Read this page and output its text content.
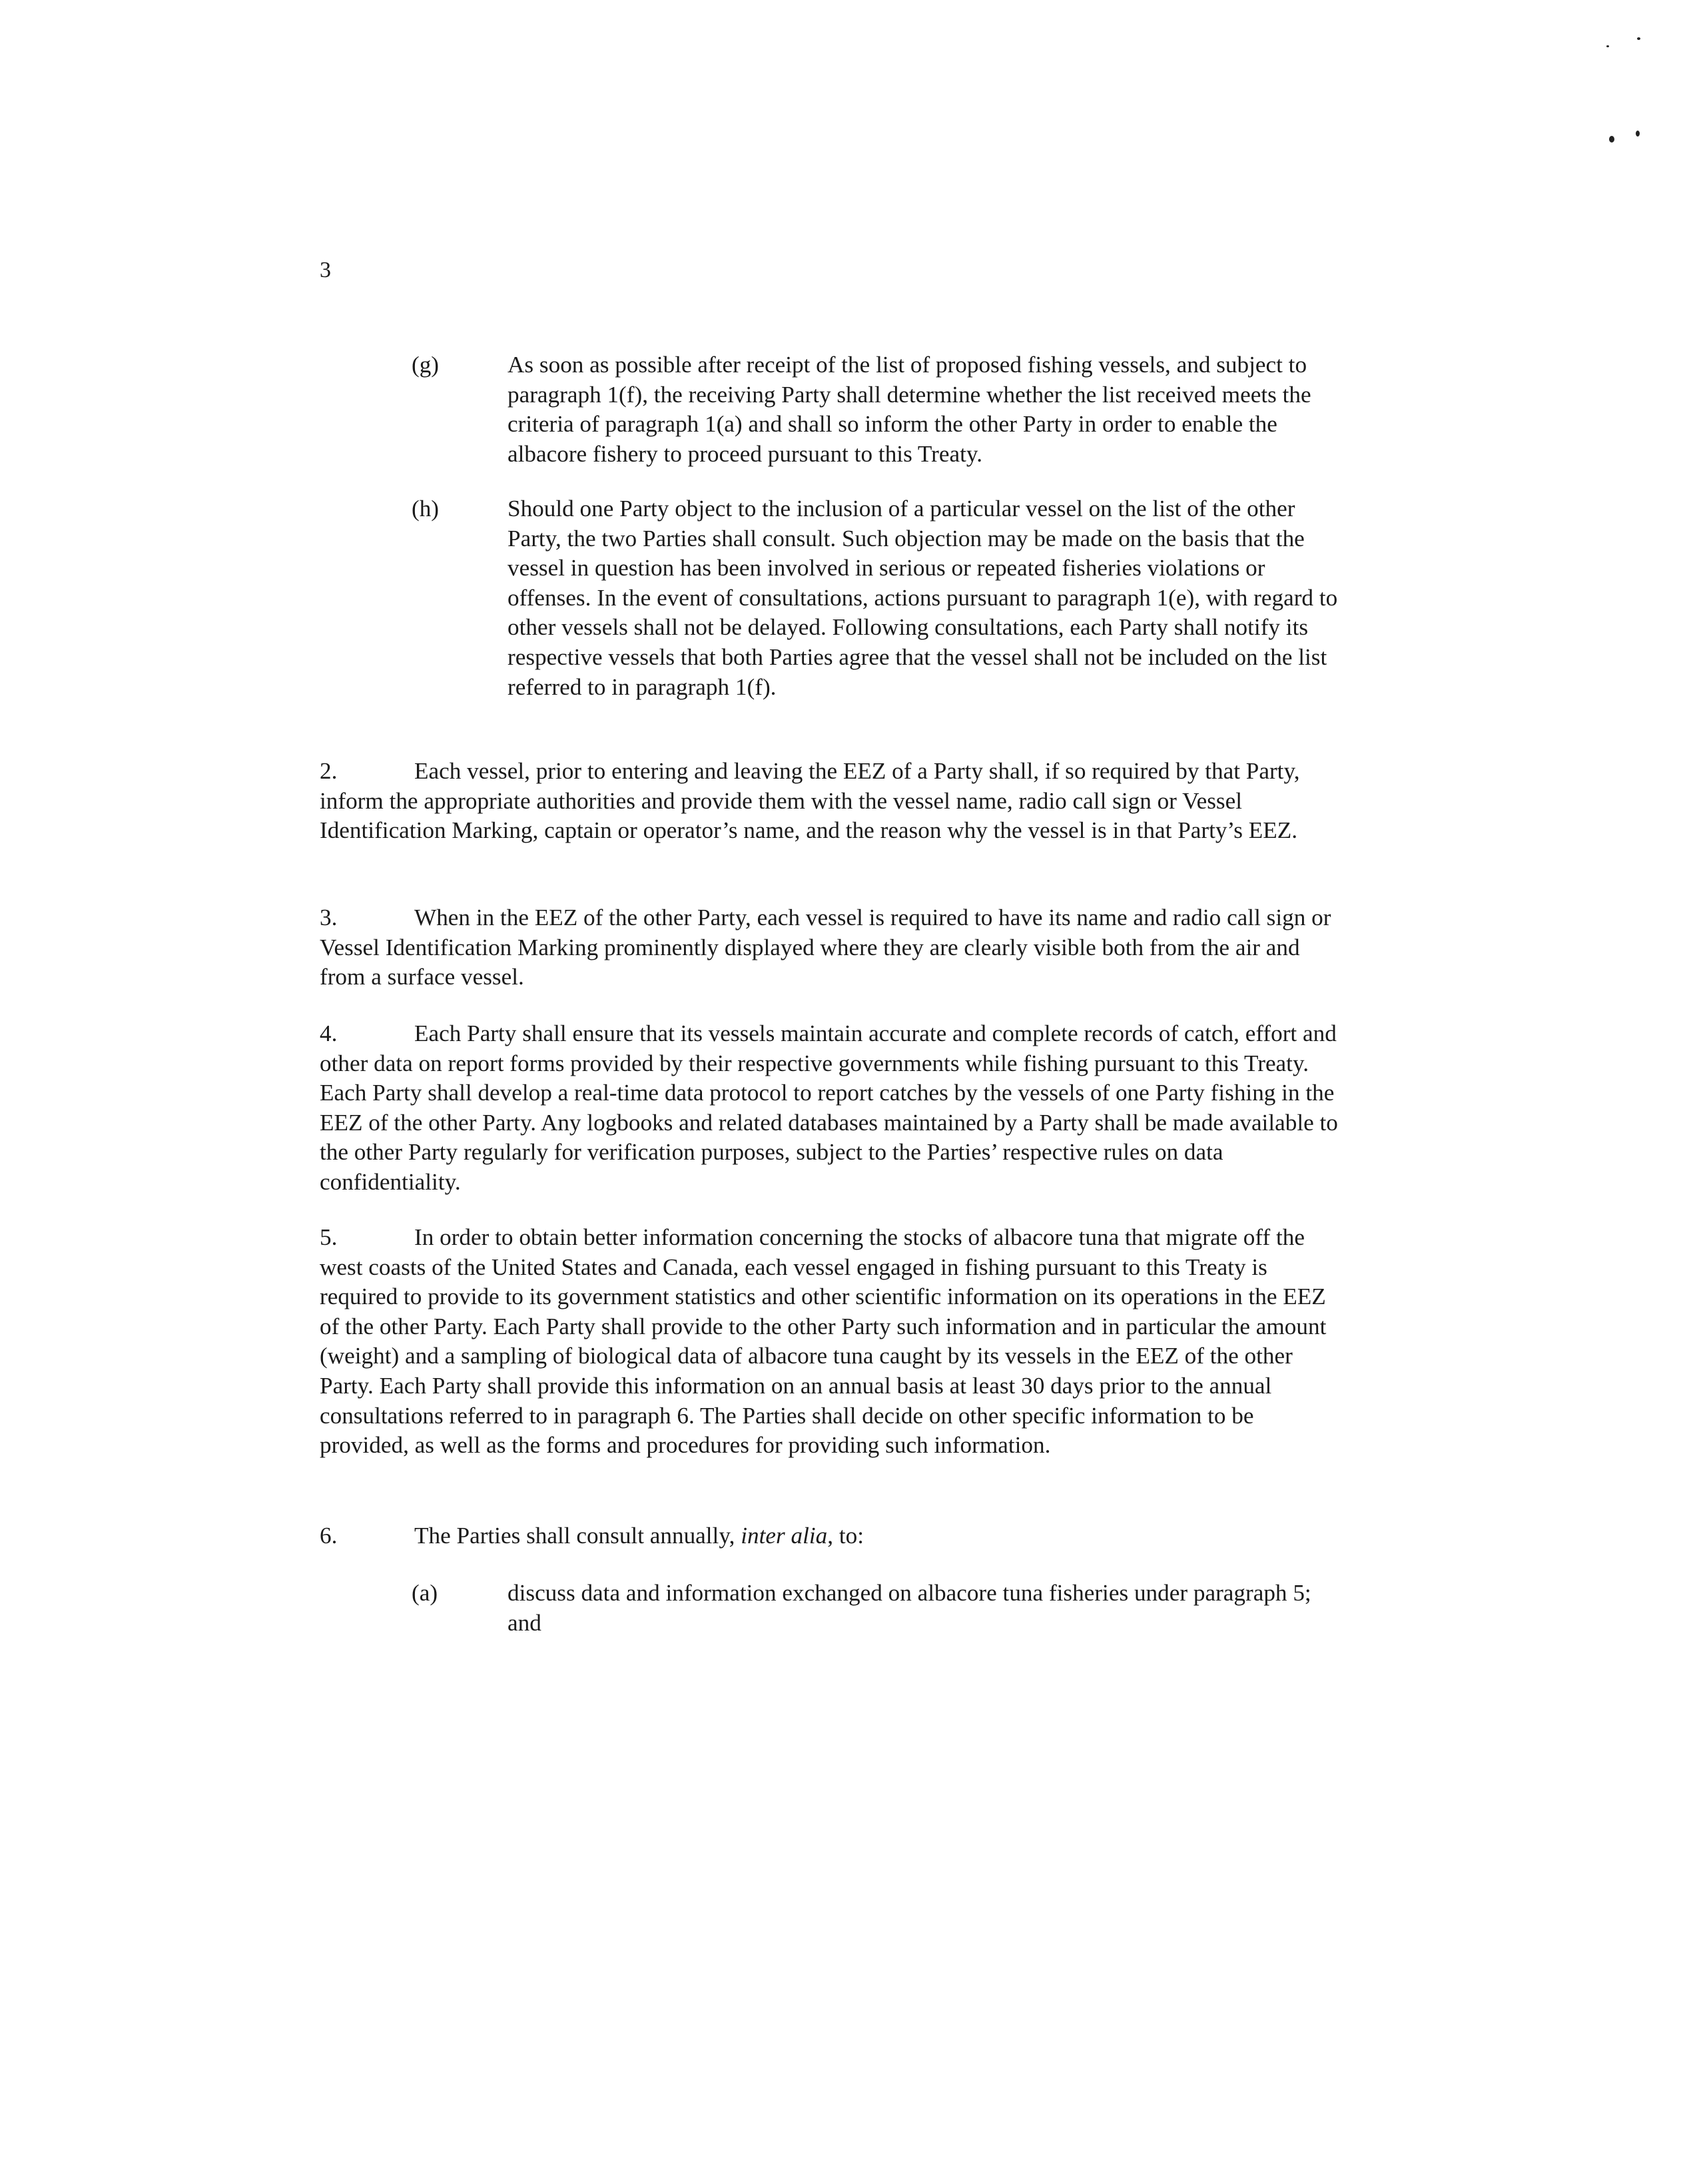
3
(g)	As soon as possible after receipt of the list of proposed fishing vessels, and subject to paragraph 1(f), the receiving Party shall determine whether the list received meets the criteria of paragraph 1(a) and shall so inform the other Party in order to enable the albacore fishery to proceed pursuant to this Treaty.
(h)	Should one Party object to the inclusion of a particular vessel on the list of the other Party, the two Parties shall consult. Such objection may be made on the basis that the vessel in question has been involved in serious or repeated fisheries violations or offenses. In the event of consultations, actions pursuant to paragraph 1(e), with regard to other vessels shall not be delayed. Following consultations, each Party shall notify its respective vessels that both Parties agree that the vessel shall not be included on the list referred to in paragraph 1(f).
2.	Each vessel, prior to entering and leaving the EEZ of a Party shall, if so required by that Party, inform the appropriate authorities and provide them with the vessel name, radio call sign or Vessel Identification Marking, captain or operator’s name, and the reason why the vessel is in that Party’s EEZ.
3.	When in the EEZ of the other Party, each vessel is required to have its name and radio call sign or Vessel Identification Marking prominently displayed where they are clearly visible both from the air and from a surface vessel.
4.	Each Party shall ensure that its vessels maintain accurate and complete records of catch, effort and other data on report forms provided by their respective governments while fishing pursuant to this Treaty. Each Party shall develop a real-time data protocol to report catches by the vessels of one Party fishing in the EEZ of the other Party. Any logbooks and related databases maintained by a Party shall be made available to the other Party regularly for verification purposes, subject to the Parties’ respective rules on data confidentiality.
5.	In order to obtain better information concerning the stocks of albacore tuna that migrate off the west coasts of the United States and Canada, each vessel engaged in fishing pursuant to this Treaty is required to provide to its government statistics and other scientific information on its operations in the EEZ of the other Party. Each Party shall provide to the other Party such information and in particular the amount (weight) and a sampling of biological data of albacore tuna caught by its vessels in the EEZ of the other Party. Each Party shall provide this information on an annual basis at least 30 days prior to the annual consultations referred to in paragraph 6. The Parties shall decide on other specific information to be provided, as well as the forms and procedures for providing such information.
6.	The Parties shall consult annually, inter alia, to:
(a)	discuss data and information exchanged on albacore tuna fisheries under paragraph 5; and
